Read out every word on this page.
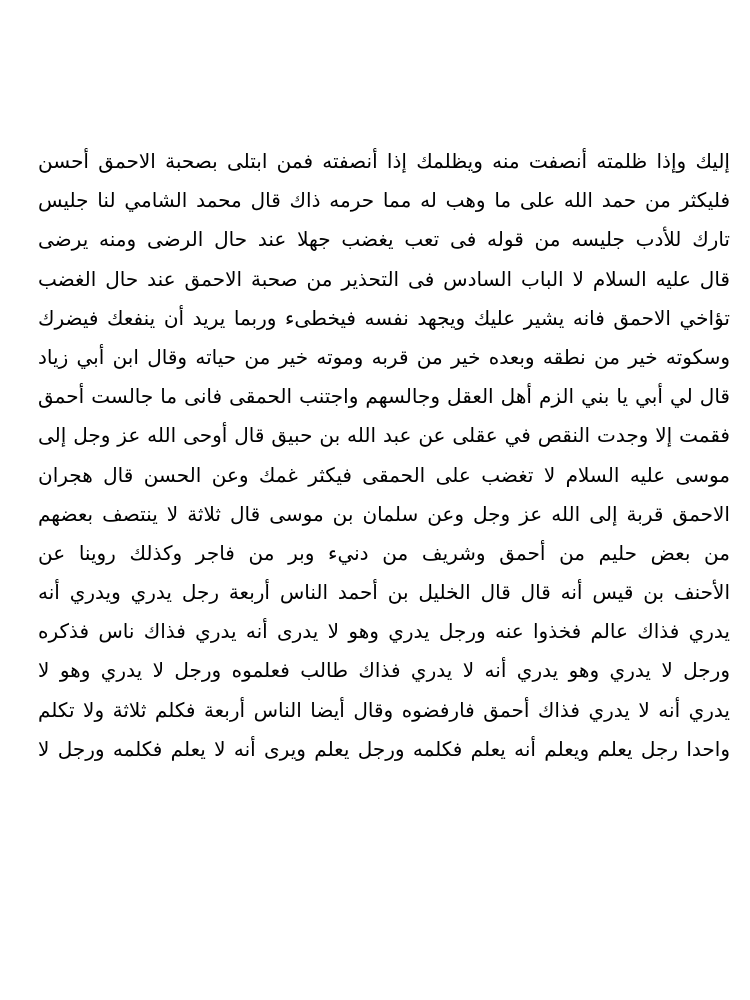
إليك وإذا ظلمته أنصفت منه ويظلمك إذا أنصفته فمن ابتلى بصحبة الاحمق أحسن
فليكثر من حمد الله على ما وهب له مما حرمه ذاك قال محمد الشامي لنا جليس
تارك للأدب جليسه من قوله فى تعب يغضب جهلا عند حال الرضى ومنه يرضى
قال عليه السلام لا الباب السادس فى التحذير من صحبة الاحمق عند حال الغضب
تؤاخي الاحمق فانه يشير عليك ويجهد نفسه فيخطىء وربما يريد أن ينفعك فيضرك
وسكوته خير من نطقه وبعده خير من قربه وموته خير من حياته وقال ابن أبي زياد
قال لي أبي يا بني الزم أهل العقل وجالسهم واجتنب الحمقى فانى ما جالست أحمق
فقمت إلا وجدت النقص في عقلى عن عبد الله بن حبيق قال أوحى الله عز وجل إلى
موسى عليه السلام لا تغضب على الحمقى فيكثر غمك وعن الحسن قال هجران
الاحمق قربة إلى الله عز وجل وعن سلمان بن موسى قال ثلاثة لا ينتصف بعضهم
من بعض حليم من أحمق وشريف من دنيء وبر من فاجر وكذلك روينا عن
الأحنف بن قيس أنه قال قال الخليل بن أحمد الناس أربعة رجل يدري ويدري أنه
يدري فذاك عالم فخذوا عنه ورجل يدري وهو لا يدرى أنه يدري فذاك ناس فذكره
ورجل لا يدري وهو يدري أنه لا يدري فذاك طالب فعلموه ورجل لا يدري وهو لا
يدري أنه لا يدري فذاك أحمق فارفضوه وقال أيضا الناس أربعة فكلم ثلاثة ولا تكلم
واحدا رجل يعلم ويعلم أنه يعلم فكلمه ورجل يعلم ويرى أنه لا يعلم فكلمه ورجل لا
